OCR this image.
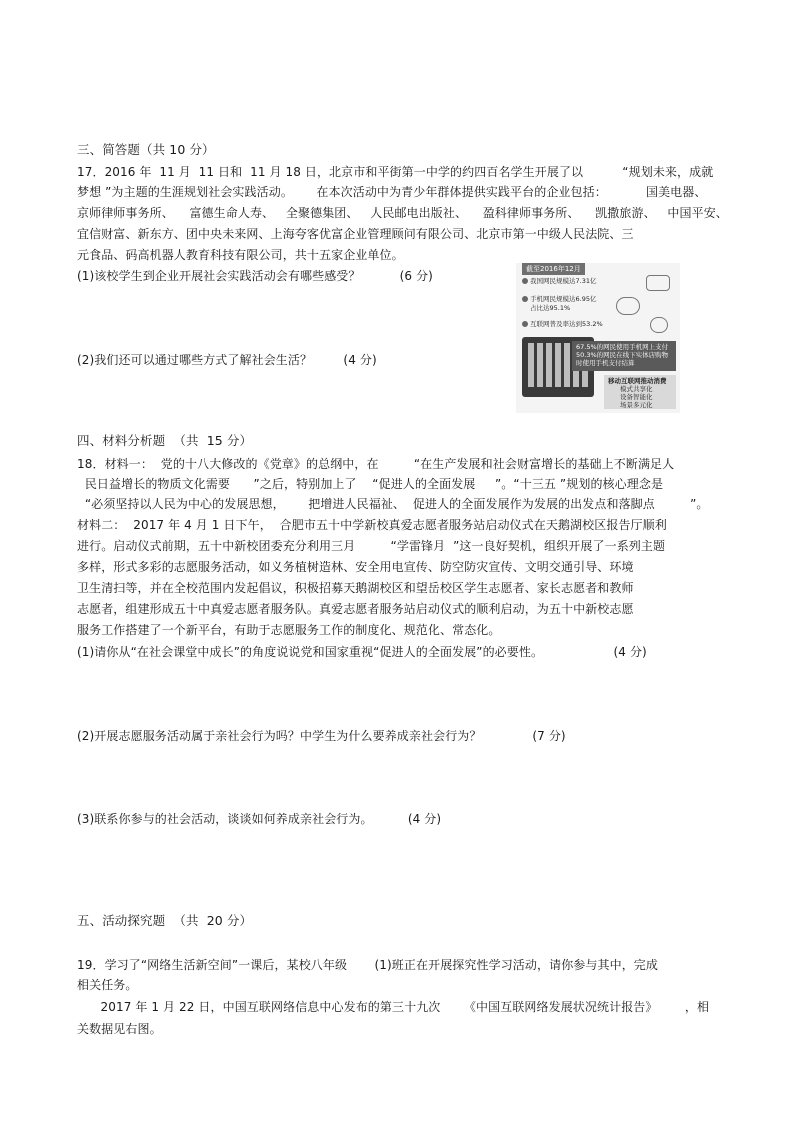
三、简答题（共 10 分）
17．2016 年  11 月  11 日和  11 月 18 日，北京市和平街第一中学的约四百名学生开展了以          “规划未来，成就
梦想 ”为主题的生涯规划社会实践活动。      在本次活动中为青少年群体提供实践平台的企业包括：          国美电器、
京师律师事务所、    富德生命人寿、   全聚德集团、   人民邮电出版社、    盈科律师事务所、    凯撒旅游、   中国平安、
宜信财富、新东方、团中央未来网、上海夸客优富企业管理顾问有限公司、北京市第一中级人民法院、三
元食品、码高机器人教育科技有限公司，共十五家企业单位。
(1)该校学生到企业开展社会实践活动会有哪些感受？          (6 分)
(2)我们还可以通过哪些方式了解社会生活？        (4 分)
截至2016年12月
我国网民规模达7.31亿
手机网民规模达6.95亿
占比达95.1%
互联网普及率达到53.2%
67.5%的网民使用手机网上支付
50.3%的网民在线下实体店购物
时使用手机支付结算
移动互联网推动消费
模式共享化
设备智能化
场景多元化
四、材料分析题  （共  15 分）
18．材料一：  党的十八大修改的《党章》的总纲中，在         “在生产发展和社会财富增长的基础上不断满足人
民日益增长的物质文化需要      ”之后，特别加上了    “促进人的全面发展     ”。“十三五 ”规划的核心理念是
“必须坚持以人民为中心的发展思想，      把增进人民福祉、  促进人的全面发展作为发展的出发点和落脚点         ”。
材料二：  2017 年 4 月 1 日下午，  合肥市五十中学新校真爱志愿者服务站启动仪式在天鹅湖校区报告厅顺利
进行。启动仪式前期，五十中新校团委充分利用三月         “学雷锋月  ”这一良好契机，组织开展了一系列主题
多样，形式多彩的志愿服务活动，如义务植树造林、安全用电宣传、防空防灾宣传、文明交通引导、环境
卫生清扫等，并在全校范围内发起倡议，积极招募天鹅湖校区和望岳校区学生志愿者、家长志愿者和教师
志愿者，组建形成五十中真爱志愿者服务队。真爱志愿者服务站启动仪式的顺利启动，为五十中新校志愿
服务工作搭建了一个新平台，有助于志愿服务工作的制度化、规范化、常态化。
(1)请你从“在社会课堂中成长”的角度说说党和国家重视“促进人的全面发展”的必要性。                  (4 分)
(2)开展志愿服务活动属于亲社会行为吗？中学生为什么要养成亲社会行为？             (7 分)
(3)联系你参与的社会活动，谈谈如何养成亲社会行为。         (4 分)
五、活动探究题  （共  20 分）
19．学习了“网络生活新空间”一课后，某校八年级       (1)班正在开展探究性学习活动，请你参与其中，完成
相关任务。
2017 年 1 月 22 日，中国互联网络信息中心发布的第三十九次      《中国互联网络发展状况统计报告》       ，相
关数据见右图。
